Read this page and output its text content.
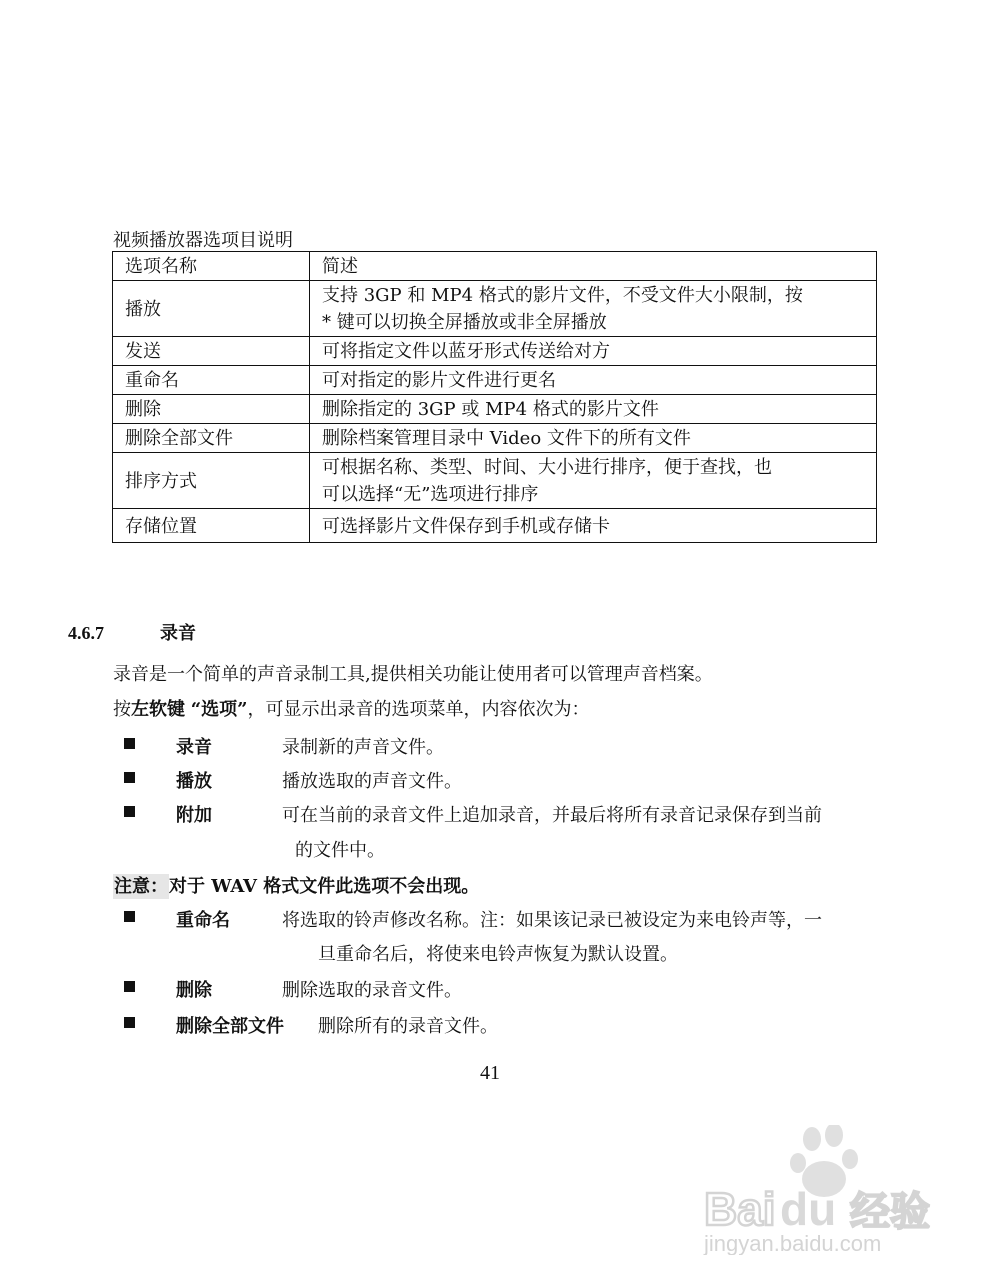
视频播放器选项目说明
选项名称	简述
播放	支持 3GP 和 MP4 格式的影片文件，不受文件大小限制，按
* 键可以切换全屏播放或非全屏播放

发送	可将指定文件以蓝牙形式传送给对方
重命名	可对指定的影片文件进行更名
删除	删除指定的 3GP 或 MP4 格式的影片文件
删除全部文件	删除档案管理目录中 Video 文件下的所有文件
排序方式	可根据名称、类型、时间、大小进行排序，便于查找，也
可以选择“无”选项进行排序

存储位置	可选择影片文件保存到手机或存储卡
4.6.7	录音
录音是一个简单的声音录制工具,提供相关功能让使用者可以管理声音档案。
按左软键 “选项”，可显示出录音的选项菜单，内容依次为：
录音	录制新的声音文件。
播放	播放选取的声音文件。
附加	可在当前的录音文件上追加录音，并最后将所有录音记录保存到当前
的文件中。
注意：对于 WAV 格式文件此选项不会出现。
重命名	将选取的铃声修改名称。注：如果该记录已被设定为来电铃声等，一
旦重命名后，将使来电铃声恢复为默认设置。
删除	删除选取的录音文件。
删除全部文件 删除所有的录音文件。
41
Bai du 经验
jingyan.baidu.com
